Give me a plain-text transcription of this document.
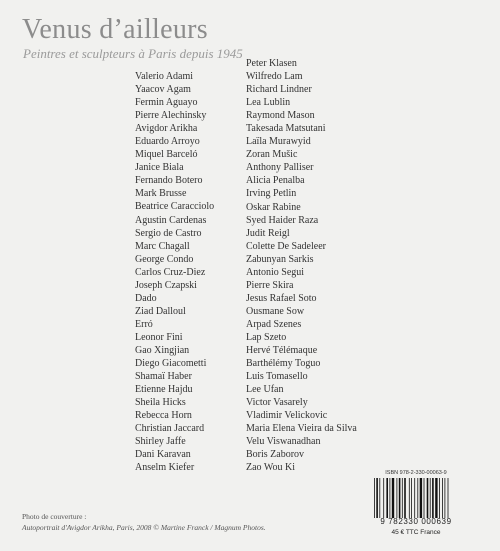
Venus d’ailleurs
Peintres et sculpteurs à Paris depuis 1945
Valerio Adami
Yaacov Agam
Fermin Aguayo
Pierre Alechinsky
Avigdor Arikha
Eduardo Arroyo
Miquel Barceló
Janice Biala
Fernando Botero
Mark Brusse
Beatrice Caracciolo
Agustin Cardenas
Sergio de Castro
Marc Chagall
George Condo
Carlos Cruz-Diez
Joseph Czapski
Dado
Ziad Dalloul
Erró
Leonor Fini
Gao Xingjian
Diego Giacometti
Shamaï Haber
Etienne Hajdu
Sheila Hicks
Rebecca Horn
Christian Jaccard
Shirley Jaffe
Dani Karavan
Anselm Kiefer
Peter Klasen
Wilfredo Lam
Richard Lindner
Lea Lublin
Raymond Mason
Takesada Matsutani
Laïla Murawyid
Zoran Mušic
Anthony Palliser
Alicia Penalba
Irving Petlin
Oskar Rabine
Syed Haider Raza
Judit Reigl
Colette De Sadeleer
Zabunyan Sarkis
Antonio Segui
Pierre Skira
Jesus Rafael Soto
Ousmane Sow
Arpad Szenes
Lap Szeto
Hervé Télémaque
Barthélémy Toguo
Luis Tomasello
Lee Ufan
Victor Vasarely
Vladimir Velickovic
Maria Elena Vieira da Silva
Velu Viswanadhan
Boris Zaborov
Zao Wou Ki	ISBN 978-2-330-00063-9
9 782330 000639
45 € TTC France
Photo de couverture :
Autoportrait d'Avigdor Arikha, Paris, 2008 © Martine Franck / Magnum Photos.
